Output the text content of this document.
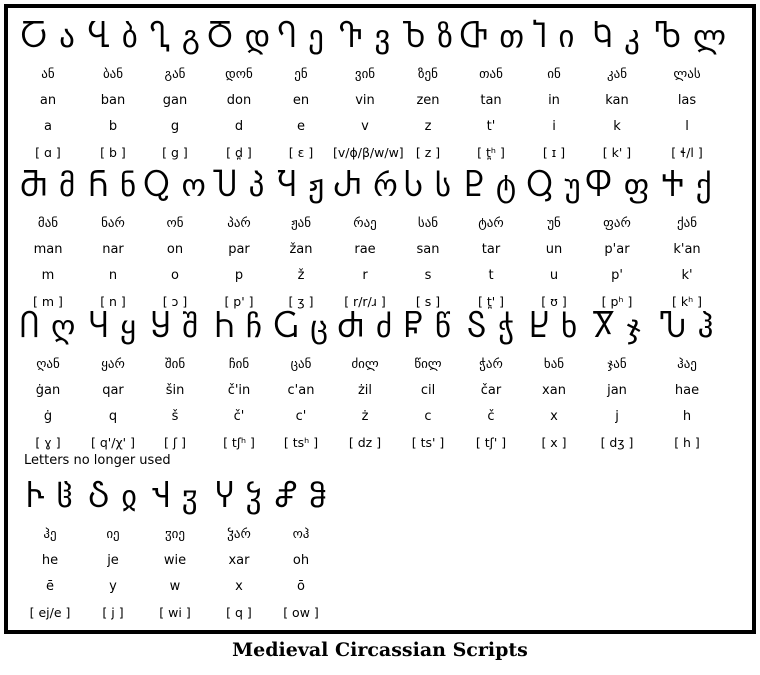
Ⴀ ა
ან
an
a
[ ɑ ]
Ⴁ ბ
ბან
ban
b
[ b ]
Ⴂ გ
გან
gan
g
[ g ]
Ⴃ დ
დონ
don
d
[ d̪ ]
Ⴄ ე
ენ
en
e
[ ɛ ]
Ⴅ ვ
ვინ
vin
v
[v/ɸ/β/w/w]
Ⴆ ზ
ზენ
zen
z
[ z ]
Ⴇ თ
თან
tan
t'
[ t̪ʰ ]
Ⴈ ი
ინ
in
i
[ ɪ ]
Ⴉ კ
კან
kan
k
[ k' ]
Ⴊ ლ
ლას
las
l
[ ɬ/l ]
Ⴋ მ
მან
man
m
[ m ]
Ⴌ ნ
ნარ
nar
n
[ n ]
Ⴍ ო
ონ
on
o
[ ɔ ]
Ⴎ პ
პარ
par
p
[ p' ]
Ⴏ ჟ
ჟან
žan
ž
[ ʒ ]
Ⴐ რ
რაე
rae
r
[ r/r/ɹ ]
Ⴑ ს
სან
san
s
[ s ]
Ⴒ ტ
ტარ
tar
t
[ t̪' ]
Ⴓ უ
უნ
un
u
[ ʊ ]
Ⴔ ფ
ფარ
p'ar
p'
[ pʰ ]
Ⴕ ქ
ქან
k'an
k'
[ kʰ ]
Ⴖ ღ
ღან
ġan
ġ
[ ɣ ]
Ⴗ ყ
ყარ
qar
q
[ q'/χ' ]
Ⴘ შ
შინ
šin
š
[ ʃ ]
Ⴙ ჩ
ჩინ
č'in
č'
[ tʃʰ ]
Ⴚ ც
ცან
c'an
c'
[ tsʰ ]
Ⴛ ძ
ძილ
żil
ż
[ dz ]
Ⴜ წ
წილ
cil
c
[ ts' ]
Ⴝ ჭ
ჭარ
čar
č
[ tʃ' ]
Ⴞ ხ
ხან
xan
x
[ x ]
Ⴟ ჯ
ჯან
jan
j
[ dʒ ]
Ⴠ ჰ
ჰაე
hae
h
[ h ]
Ⴡ ჱ
ჰე
he
ē
[ ej/e ]
Ⴢ ჲ
იე
je
y
[ j ]
Ⴣ ჳ
ჳიე
wie
w
[ wi ]
Ⴤ ჴ
ჴარ
xar
x
[ q ]
Ⴥ ჵ
ოჰ
oh
ō
[ ow ]
Letters no longer used
Medieval Circassian Scripts
